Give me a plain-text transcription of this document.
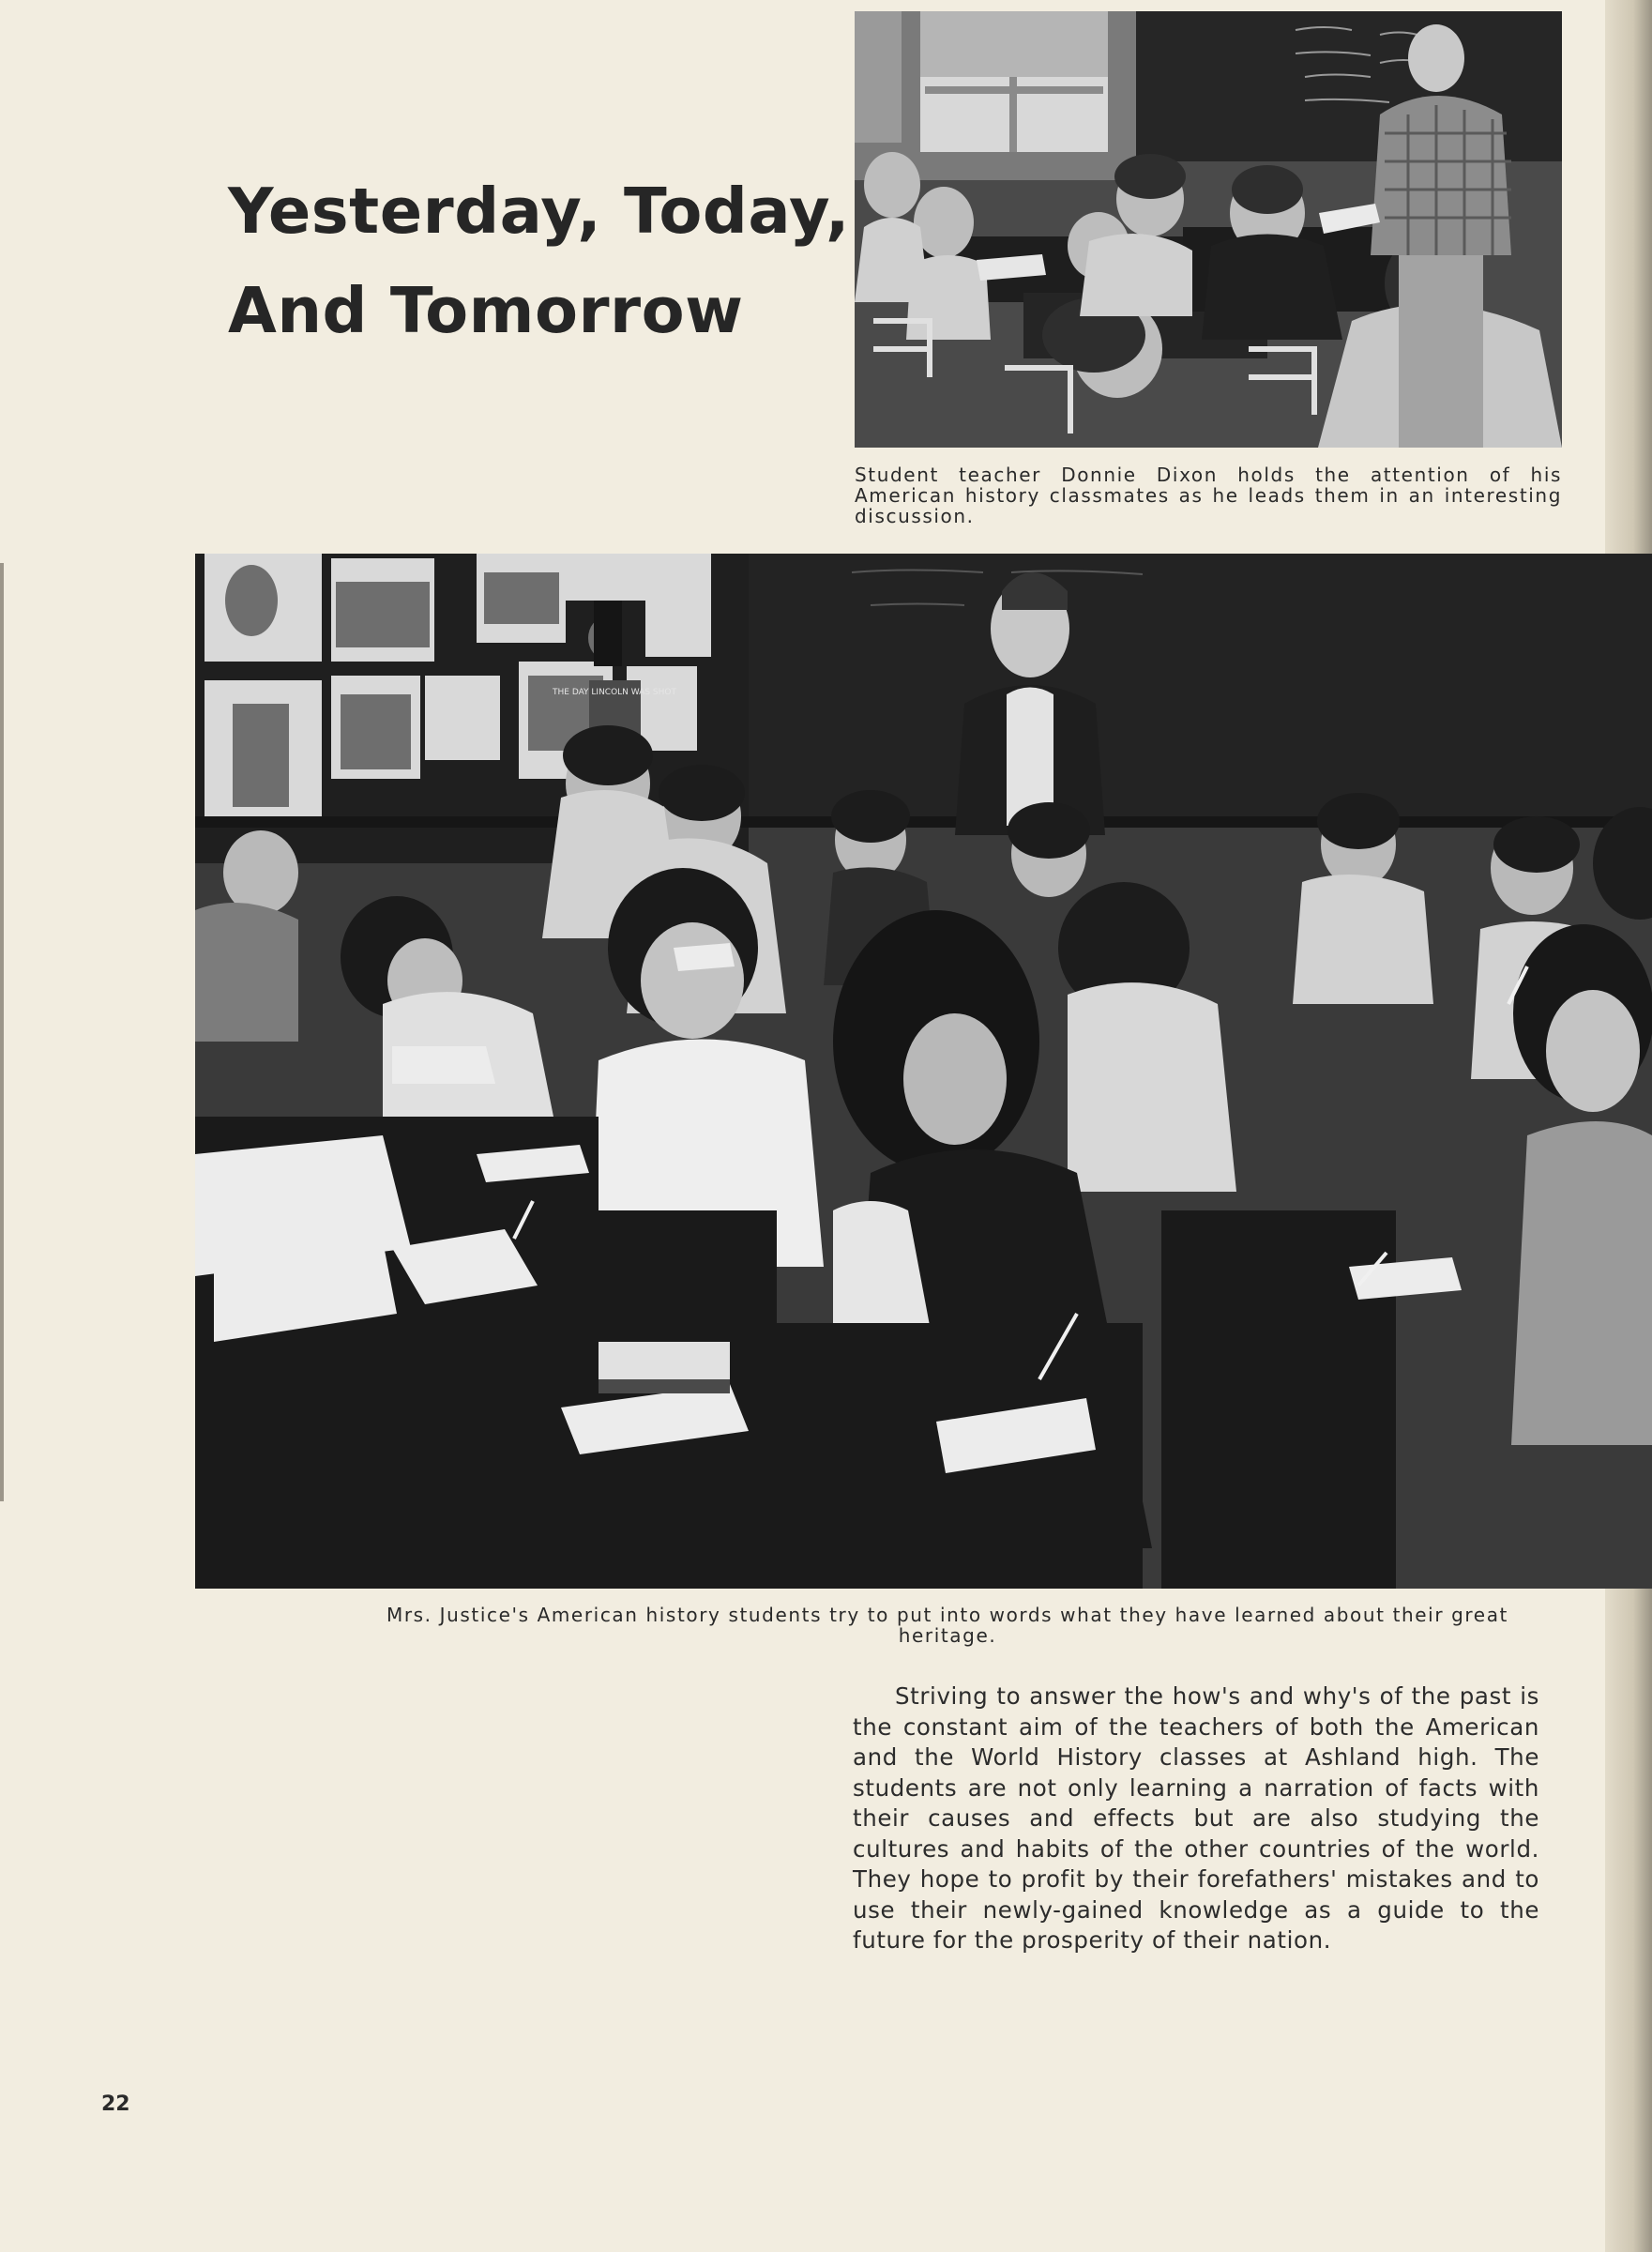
Yesterday, Today,
And Tomorrow

Student teacher Donnie Dixon holds the attention of his American history classmates as he leads them in an interesting discussion.

THE DAY LINCOLN WAS SHOT

Mrs. Justice's American history students try to put into words what they have learned about their great heritage.

Striving to answer the how's and why's of the past is the constant aim of the teachers of both the American and the World History classes at Ashland high. The students are not only learning a narration of facts with their causes and effects but are also studying the cultures and habits of the other countries of the world. They hope to profit by their forefathers' mistakes and to use their newly-gained knowledge as a guide to the future for the prosperity of their nation.

22
